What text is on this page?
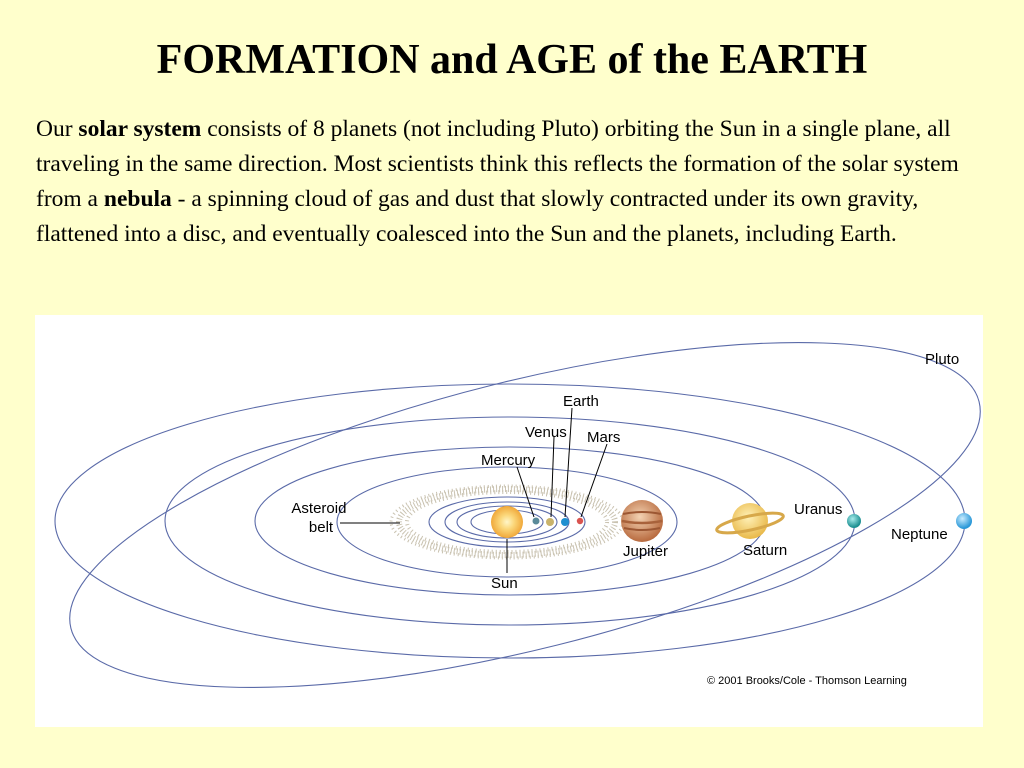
FORMATION and AGE of the EARTH

Our solar system consists of 8 planets (not including Pluto) orbiting the Sun in a single plane, all traveling in the same direction. Most scientists think this reflects the formation of the solar system from a nebula - a spinning cloud of gas and dust that slowly contracted under its own gravity, flattened into a disc, and eventually coalesced into the Sun and the planets, including Earth.

Pluto
Earth
Venus Mars
Mercury
Asteroid belt
Jupiter	Saturn
Uranus
Neptune
Sun
© 2001 Brooks/Cole - Thomson Learning
